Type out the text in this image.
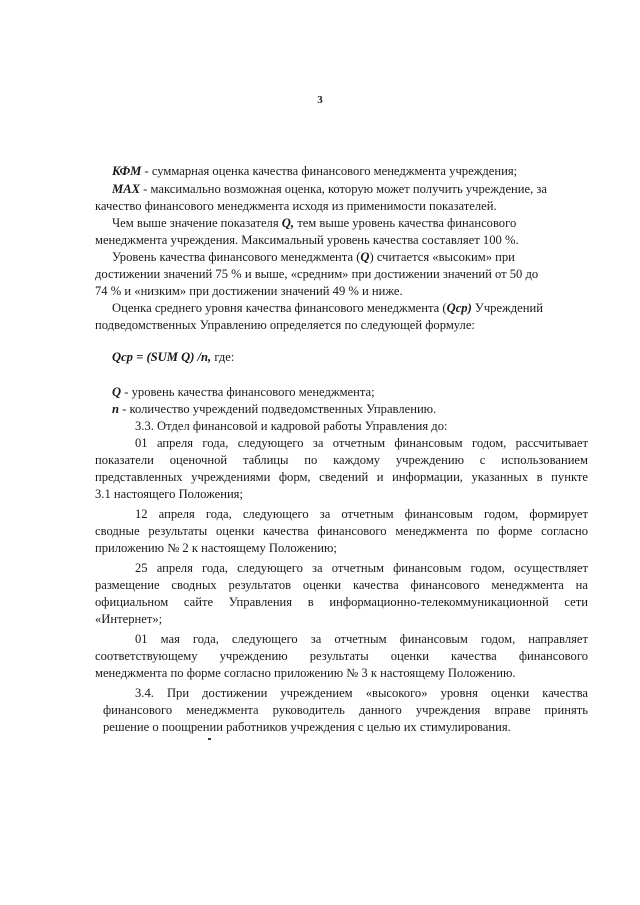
3
КФМ - суммарная оценка качества финансового менеджмента учреждения;
МАХ - максимально возможная оценка, которую может получить учреждение, за
качество финансового менеджмента исходя из применимости показателей.
Чем выше значение показателя Q, тем выше уровень качества финансового
менеджмента учреждения. Максимальный уровень качества составляет 100 %.
Уровень качества финансового менеджмента (Q) считается «высоким» при
достижении значений 75 % и выше, «средним» при достижении значений от 50 до
74 % и «низким» при достижении значений 49 % и ниже.
Оценка среднего уровня качества финансового менеджмента (Qср) Учреждений
подведомственных Управлению определяется по следующей формуле:
Qср = (SUM Q) /n, где:
Q - уровень качества финансового менеджмента;
n - количество учреждений подведомственных Управлению.
3.3. Отдел финансовой и кадровой работы Управления до:
01 апреля года, следующего за отчетным финансовым годом, рассчитывает
показатели оценочной таблицы по каждому учреждению с использованием
представленных учреждениями форм, сведений и информации, указанных в пункте
3.1 настоящего Положения;
12 апреля года, следующего за отчетным финансовым годом, формирует
сводные результаты оценки качества финансового менеджмента по форме согласно
приложению № 2 к настоящему Положению;
25 апреля года, следующего за отчетным финансовым годом, осуществляет
размещение сводных результатов оценки качества финансового менеджмента на
официальном сайте Управления в информационно-телекоммуникационной сети
«Интернет»;
01 мая года, следующего за отчетным финансовым годом, направляет
соответствующему учреждению результаты оценки качества финансового
менеджмента по форме согласно приложению № 3 к настоящему Положению.
3.4. При достижении учреждением «высокого» уровня оценки качества
финансового менеджмента руководитель данного учреждения вправе принять
решение о поощрении работников учреждения с целью их стимулирования.
